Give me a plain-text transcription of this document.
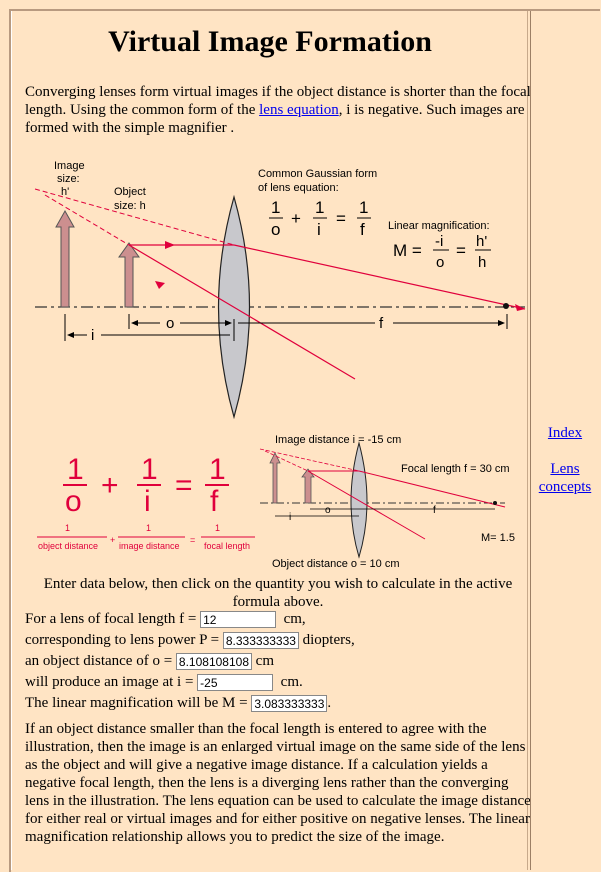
Virtual Image Formation
Converging lenses form virtual images if the object distance is shorter than the focal length. Using the common form of the lens equation, i is negative. Such images are formed with the simple magnifier .
Image
size:
h'	Object
size: h
Common Gaussian form
of lens equation:
1
o
+
1
i
=
1
f Linear magnification:
M = -i
o
= h'
h
o	f
i
1
o + 1
i = 1
f
1
object distance
+
1
image distance
=
1
focal length
o	f
i
Image distance i = -15 cm
Focal length f = 30 cm
M= 1.5
Object distance o = 10 cm
Enter data below, then click on the quantity you wish to calculate in the active formula above.
For a lens of focal length f = 12	cm,
corresponding to lens power P = 8.3333333333	diopters,
an object distance of o = 8.1081081081	cm
will produce an image at i = -25	cm.
The linear magnification will be M = 3.0833333333	.
If an object distance smaller than the focal length is entered to agree with the illustration, then the image is an enlarged virtual image on the same side of the lens as the object and will give a negative image distance. If a calculation yields a negative focal length, then the lens is a diverging lens rather than the converging lens in the illustration. The lens equation can be used to calculate the image distance for either real or virtual images and for either positive on negative lenses. The linear magnification relationship allows you to predict the size of the image.
Index
Lens
concepts
